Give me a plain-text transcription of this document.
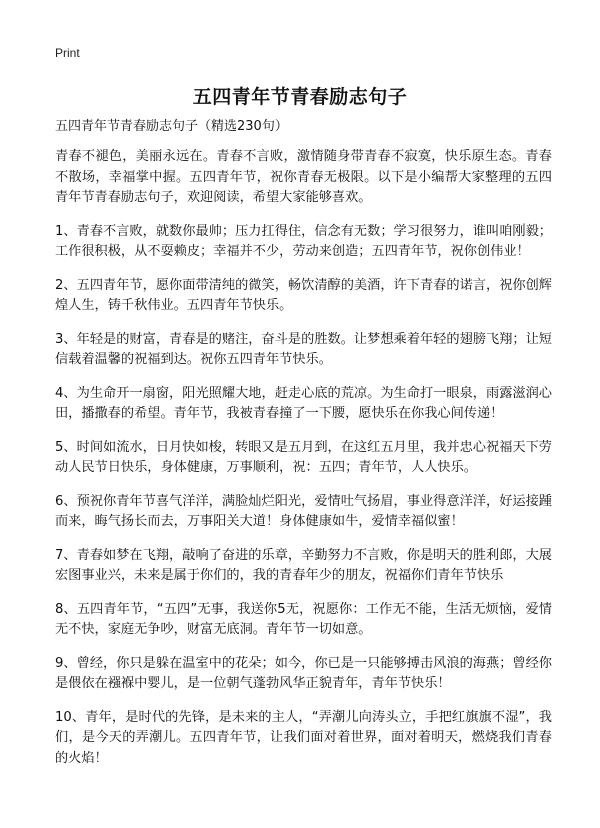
Print
五四青年节青春励志句子

五四青年节青春励志句子（精选230句）

青春不褪色，美丽永远在。青春不言败，激情随身带青春不寂寞，快乐原生态。青春不散场，幸福掌中握。五四青年节，祝你青春无极限。以下是小编帮大家整理的五四青年节青春励志句子，欢迎阅读，希望大家能够喜欢。

1、青春不言败，就数你最帅；压力扛得住，信念有无数；学习很努力，谁叫咱刚毅；工作很积极，从不耍赖皮；幸福并不少，劳动来创造；五四青年节，祝你创伟业！

2、五四青年节，愿你面带清纯的微笑，畅饮清醇的美酒，许下青春的诺言，祝你创辉煌人生，铸千秋伟业。五四青年节快乐。

3、年轻是的财富，青春是的赌注，奋斗是的胜数。让梦想乘着年轻的翅膀飞翔；让短信载着温馨的祝福到达。祝你五四青年节快乐。

4、为生命开一扇窗，阳光照耀大地，赶走心底的荒凉。为生命打一眼泉，雨露滋润心田，播撒春的希望。青年节，我被青春撞了一下腰，愿快乐在你我心间传递！

5、时间如流水，日月快如梭，转眼又是五月到，在这红五月里，我并忠心祝福天下劳动人民节日快乐，身体健康，万事顺利，祝：五四；青年节，人人快乐。

6、预祝你青年节喜气洋洋，满脸灿烂阳光，爱情吐气扬眉，事业得意洋洋，好运接踵而来，晦气扬长而去，万事阳关大道！身体健康如牛，爱情幸福似蜜！

7、青春如梦在飞翔，敲响了奋进的乐章，辛勤努力不言败，你是明天的胜利郎，大展宏图事业兴，未来是属于你们的，我的青春年少的朋友，祝福你们青年节快乐

8、五四青年节，“五四”无事，我送你5无，祝愿你：工作无不能，生活无烦恼，爱情无不快，家庭无争吵，财富无底洞。青年节一切如意。

9、曾经，你只是躲在温室中的花朵；如今，你已是一只能够搏击风浪的海燕；曾经你是偎依在襁褓中婴儿，是一位朝气蓬勃风华正貌青年，青年节快乐！

10、青年，是时代的先锋，是未来的主人，“弄潮儿向涛头立，手把红旗旗不湿”，我们，是今天的弄潮儿。五四青年节，让我们面对着世界，面对着明天，燃烧我们青春的火焰！
